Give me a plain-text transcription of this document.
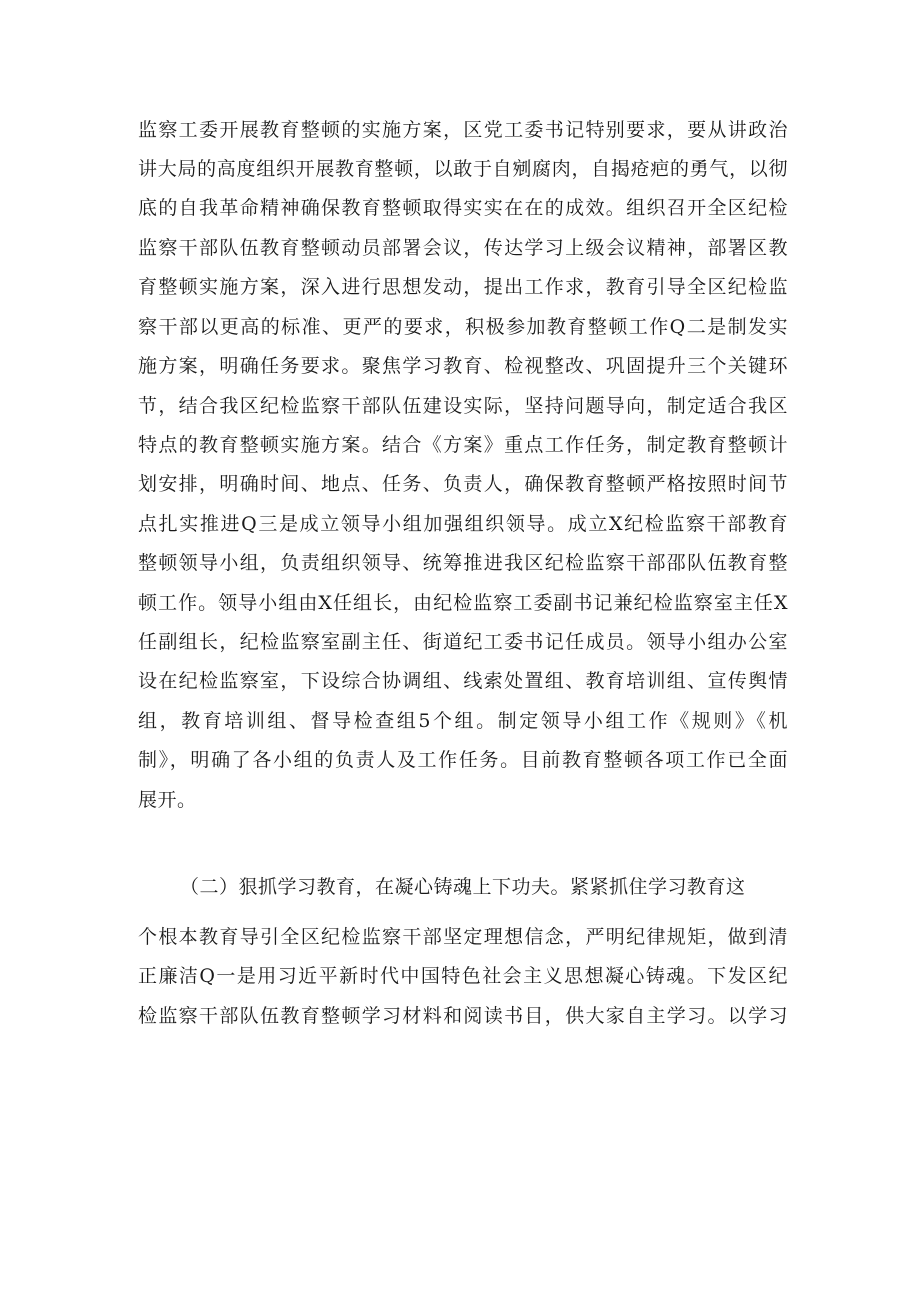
监察工委开展教育整顿的实施方案，区党工委书记特别要求，要从讲政治
讲大局的高度组织开展教育整顿，以敢于自剜腐肉，自揭疮疤的勇气，以彻
底的自我革命精神确保教育整顿取得实实在在的成效。组织召开全区纪检
监察干部队伍教育整顿动员部署会议，传达学习上级会议精神，部署区教
育整顿实施方案，深入进行思想发动，提出工作求，教育引导全区纪检监
察干部以更高的标准、更严的要求，积极参加教育整顿工作Q二是制发实
施方案，明确任务要求。聚焦学习教育、检视整改、巩固提升三个关键环
节，结合我区纪检监察干部队伍建设实际，坚持问题导向，制定适合我区
特点的教育整顿实施方案。结合《方案》重点工作任务，制定教育整顿计
划安排，明确时间、地点、任务、负责人，确保教育整顿严格按照时间节
点扎实推进Q三是成立领导小组加强组织领导。成立X纪检监察干部教育
整顿领导小组，负责组织领导、统筹推进我区纪检监察干部邵队伍教育整
顿工作。领导小组由X任组长，由纪检监察工委副书记兼纪检监察室主任X
任副组长，纪检监察室副主任、街道纪工委书记任成员。领导小组办公室
设在纪检监察室，下设综合协调组、线索处置组、教育培训组、宣传舆情
组，教育培训组、督导检查组5个组。制定领导小组工作《规则》《机
制》，明确了各小组的负责人及工作任务。目前教育整顿各项工作已全面
展开。
（二）狠抓学习教育，在凝心铸魂上下功夫。紧紧抓住学习教育这
个根本教育导引全区纪检监察干部坚定理想信念，严明纪律规矩，做到清
正廉洁Q一是用习近平新时代中国特色社会主义思想凝心铸魂。下发区纪
检监察干部队伍教育整顿学习材料和阅读书目，供大家自主学习。以学习
